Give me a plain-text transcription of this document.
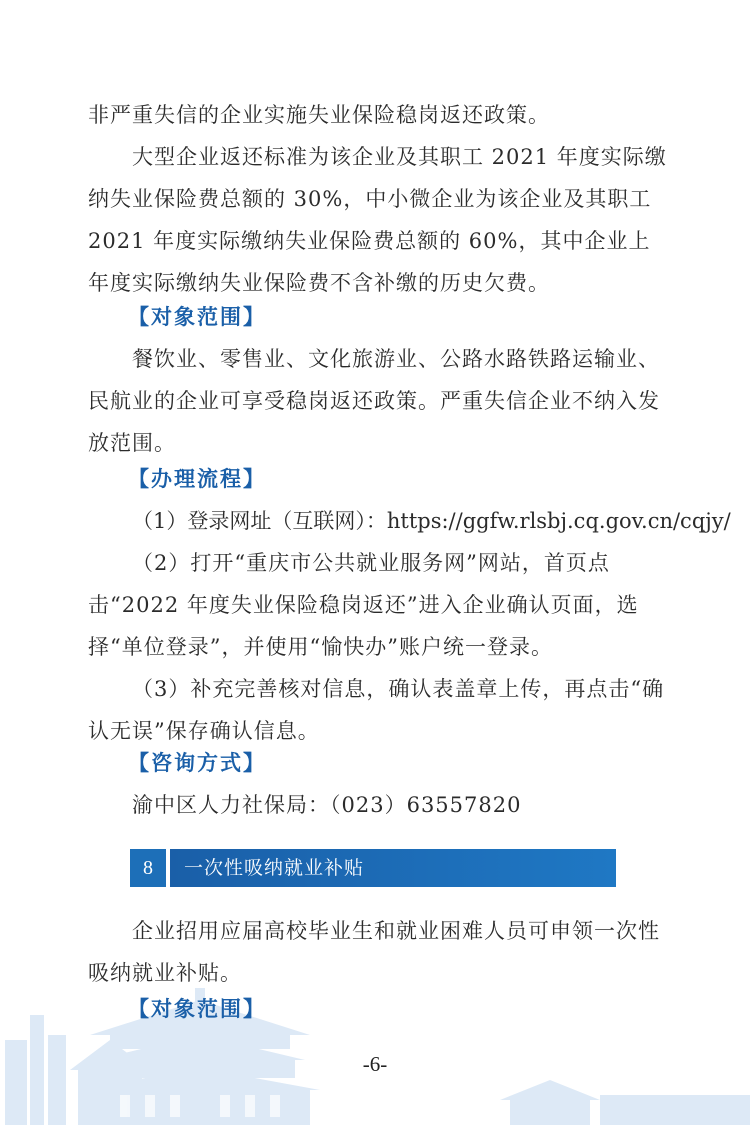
非严重失信的企业实施失业保险稳岗返还政策。

大型企业返还标准为该企业及其职工 2021 年度实际缴纳失业保险费总额的 30%，中小微企业为该企业及其职工 2021 年度实际缴纳失业保险费总额的 60%，其中企业上年度实际缴纳失业保险费不含补缴的历史欠费。

【对象范围】

餐饮业、零售业、文化旅游业、公路水路铁路运输业、民航业的企业可享受稳岗返还政策。严重失信企业不纳入发放范围。

【办理流程】

（1）登录网址（互联网）：https://ggfw.rlsbj.cq.gov.cn/cqjy/

（2）打开“重庆市公共就业服务网”网站，首页点击“2022 年度失业保险稳岗返还”进入企业确认页面，选择“单位登录”，并使用“愉快办”账户统一登录。

（3）补充完善核对信息，确认表盖章上传，再点击“确认无误”保存确认信息。

【咨询方式】

渝中区人力社保局：（023）63557820

8	一次性吸纳就业补贴

企业招用应届高校毕业生和就业困难人员可申领一次性吸纳就业补贴。

【对象范围】
-6-
